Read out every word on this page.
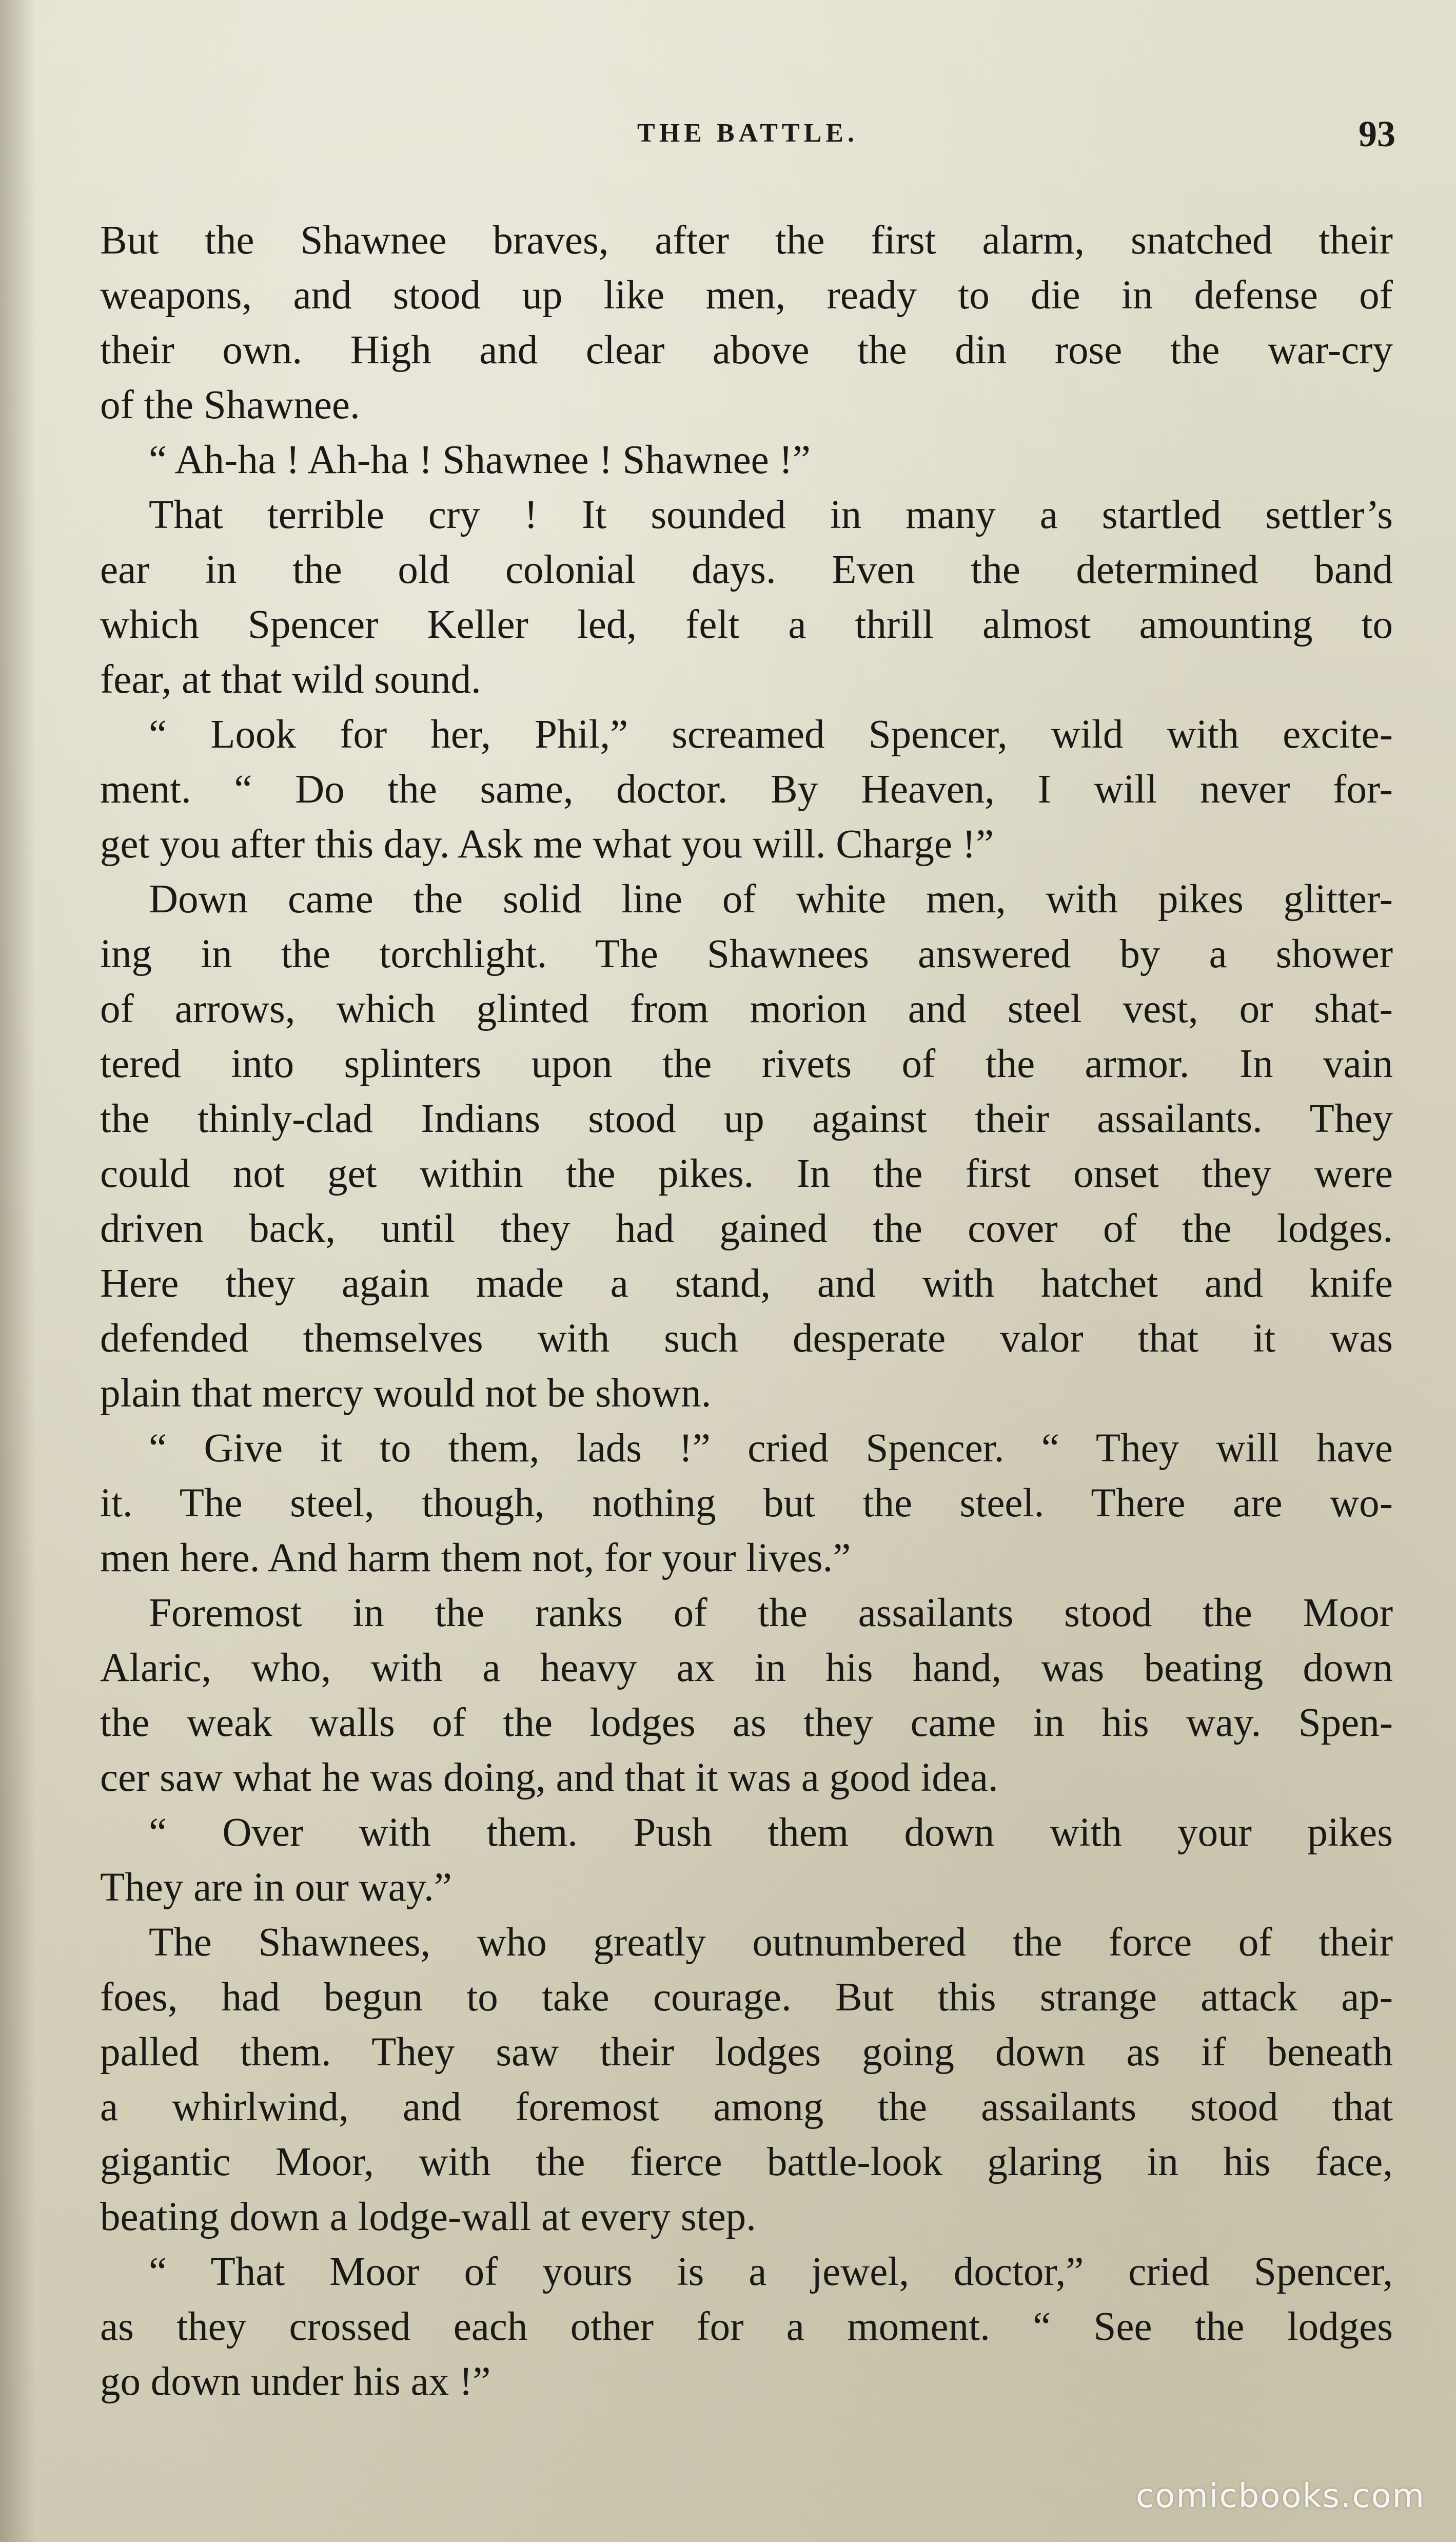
THE BATTLE.	93
But the Shawnee braves, after the first alarm, snatched their
weapons, and stood up like men, ready to die in defense of
their own. High and clear above the din rose the war-cry
of the Shawnee.
“ Ah-ha ! Ah-ha ! Shawnee ! Shawnee !”
That terrible cry ! It sounded in many a startled settler’s
ear in the old colonial days. Even the determined band
which Spencer Keller led, felt a thrill almost amounting to
fear, at that wild sound.
“ Look for her, Phil,” screamed Spencer, wild with excite-
ment. “ Do the same, doctor. By Heaven, I will never for-
get you after this day. Ask me what you will. Charge !”
Down came the solid line of white men, with pikes glitter-
ing in the torchlight. The Shawnees answered by a shower
of arrows, which glinted from morion and steel vest, or shat-
tered into splinters upon the rivets of the armor. In vain
the thinly-clad Indians stood up against their assailants. They
could not get within the pikes. In the first onset they were
driven back, until they had gained the cover of the lodges.
Here they again made a stand, and with hatchet and knife
defended themselves with such desperate valor that it was
plain that mercy would not be shown.
“ Give it to them, lads !” cried Spencer. “ They will have
it. The steel, though, nothing but the steel. There are wo-
men here. And harm them not, for your lives.”
Foremost in the ranks of the assailants stood the Moor
Alaric, who, with a heavy ax in his hand, was beating down
the weak walls of the lodges as they came in his way. Spen-
cer saw what he was doing, and that it was a good idea.
“ Over with them. Push them down with your pikes
They are in our way.”
The Shawnees, who greatly outnumbered the force of their
foes, had begun to take courage. But this strange attack ap-
palled them. They saw their lodges going down as if beneath
a whirlwind, and foremost among the assailants stood that
gigantic Moor, with the fierce battle-look glaring in his face,
beating down a lodge-wall at every step.
“ That Moor of yours is a jewel, doctor,” cried Spencer,
as they crossed each other for a moment. “ See the lodges
go down under his ax !”
comicbooks.com
